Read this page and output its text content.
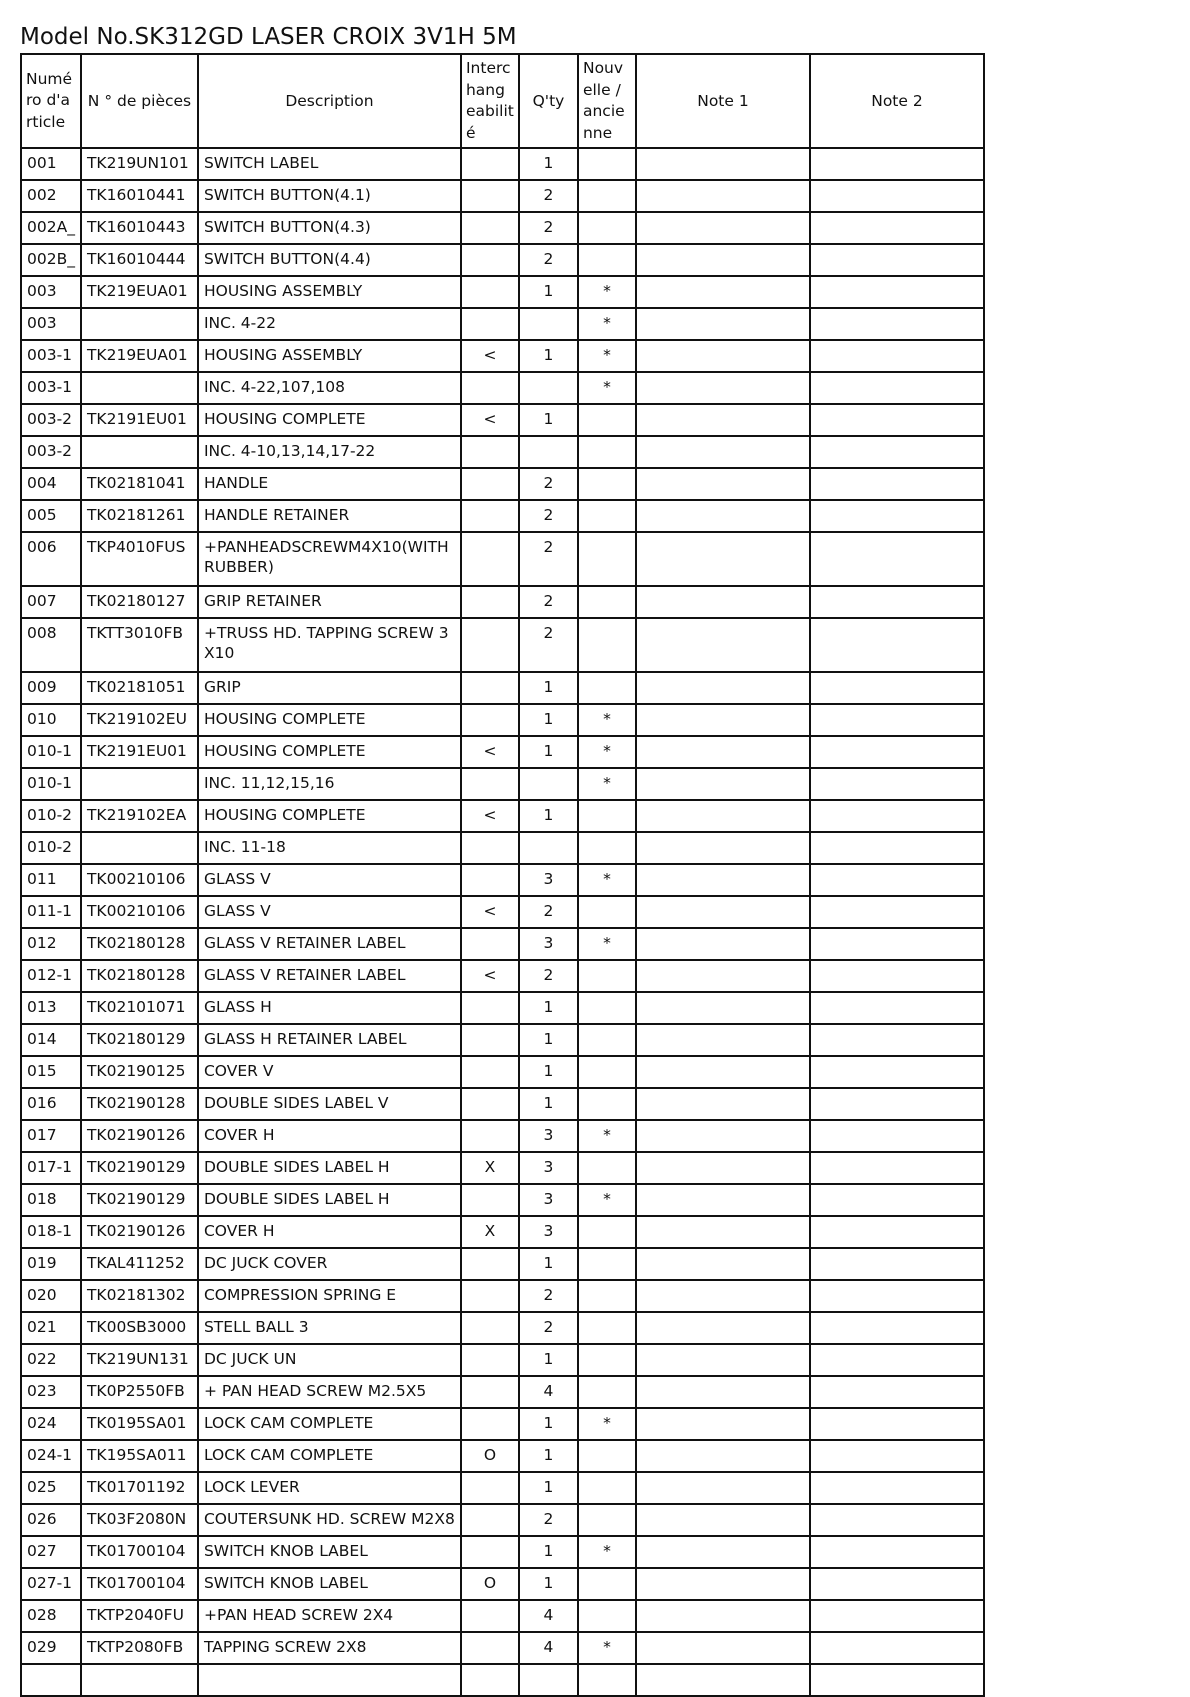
Model No.SK312GD LASER CROIX 3V1H 5M
Numéro d'article	N ° de pièces	Description	Interchangeabilité	Q'ty	Nouvelle / ancienne	Note 1	Note 2
001	TK219UN101	SWITCH LABEL		1			
002	TK16010441	SWITCH BUTTON(4.1)		2			
002A_	TK16010443	SWITCH BUTTON(4.3)		2			
002B_	TK16010444	SWITCH BUTTON(4.4)		2			
003	TK219EUA01	HOUSING ASSEMBLY		1	*		
003		INC. 4-22			*		
003-1	TK219EUA01	HOUSING ASSEMBLY	<	1	*		
003-1		INC. 4-22,107,108			*		
003-2	TK2191EU01	HOUSING COMPLETE	<	1			
003-2		INC. 4-10,13,14,17-22					
004	TK02181041	HANDLE		2			
005	TK02181261	HANDLE RETAINER		2			
006	TKP4010FUS	+PANHEADSCREWM4X10(WITHRUBBER)		2			
007	TK02180127	GRIP RETAINER		2			
008	TKTT3010FB	+TRUSS HD. TAPPING SCREW 3X10		2			
009	TK02181051	GRIP		1			
010	TK219102EU	HOUSING COMPLETE		1	*		
010-1	TK2191EU01	HOUSING COMPLETE	<	1	*		
010-1		INC. 11,12,15,16			*		
010-2	TK219102EA	HOUSING COMPLETE	<	1			
010-2		INC. 11-18					
011	TK00210106	GLASS V		3	*		
011-1	TK00210106	GLASS V	<	2			
012	TK02180128	GLASS V RETAINER LABEL		3	*		
012-1	TK02180128	GLASS V RETAINER LABEL	<	2			
013	TK02101071	GLASS H		1			
014	TK02180129	GLASS H RETAINER LABEL		1			
015	TK02190125	COVER V		1			
016	TK02190128	DOUBLE SIDES LABEL V		1			
017	TK02190126	COVER H		3	*		
017-1	TK02190129	DOUBLE SIDES LABEL H	X	3			
018	TK02190129	DOUBLE SIDES LABEL H		3	*		
018-1	TK02190126	COVER H	X	3			
019	TKAL411252	DC JUCK COVER		1			
020	TK02181302	COMPRESSION SPRING E		2			
021	TK00SB3000	STELL BALL 3		2			
022	TK219UN131	DC JUCK UN		1			
023	TK0P2550FB	+ PAN HEAD SCREW M2.5X5		4			
024	TK0195SA01	LOCK CAM COMPLETE		1	*		
024-1	TK195SA011	LOCK CAM COMPLETE	O	1			
025	TK01701192	LOCK LEVER		1			
026	TK03F2080N	COUTERSUNK HD. SCREW M2X8		2			
027	TK01700104	SWITCH KNOB LABEL		1	*		
027-1	TK01700104	SWITCH KNOB LABEL	O	1			
028	TKTP2040FU	+PAN HEAD SCREW 2X4		4			
029	TKTP2080FB	TAPPING SCREW 2X8		4	*		
